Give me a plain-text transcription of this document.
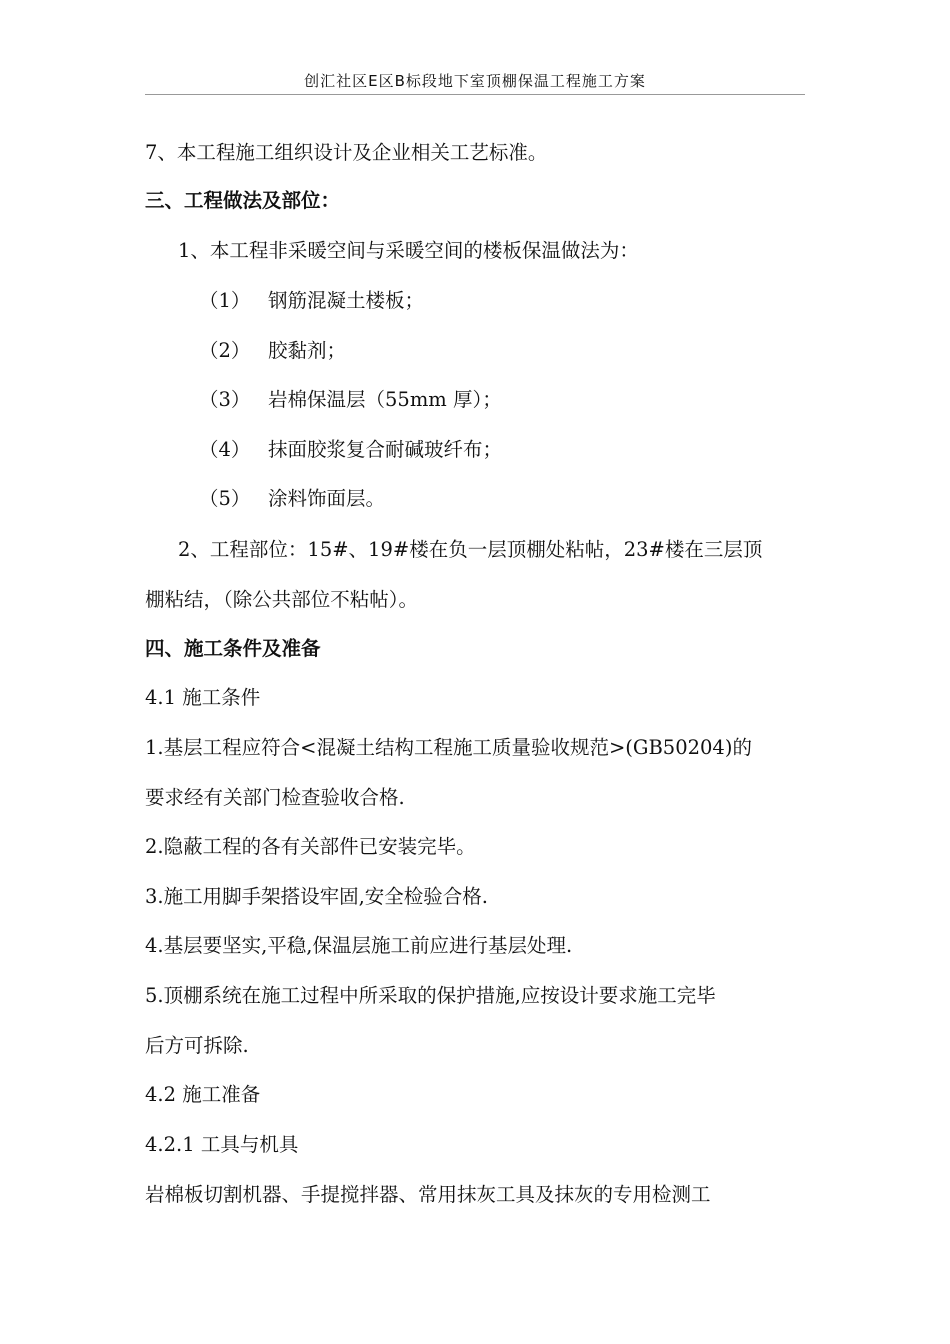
创汇社区E区B标段地下室顶棚保温工程施工方案
7、本工程施工组织设计及企业相关工艺标准。
三、工程做法及部位：
1、本工程非采暖空间与采暖空间的楼板保温做法为：
（1） 钢筋混凝土楼板；
（2） 胶黏剂；
（3） 岩棉保温层（55mm 厚）；
（4） 抹面胶浆复合耐碱玻纤布；
（5） 涂料饰面层。
2、工程部位：15#、19#楼在负一层顶棚处粘帖，23#楼在三层顶
棚粘结，（除公共部位不粘帖）。
四、施工条件及准备
4.1 施工条件
1.基层工程应符合<混凝土结构工程施工质量验收规范>(GB50204)的
要求经有关部门检查验收合格.
2.隐蔽工程的各有关部件已安装完毕。
3.施工用脚手架搭设牢固,安全检验合格.
4.基层要坚实,平稳,保温层施工前应进行基层处理.
5.顶棚系统在施工过程中所采取的保护措施,应按设计要求施工完毕
后方可拆除.
4.2 施工准备
4.2.1 工具与机具
岩棉板切割机器、手提搅拌器、常用抹灰工具及抹灰的专用检测工
